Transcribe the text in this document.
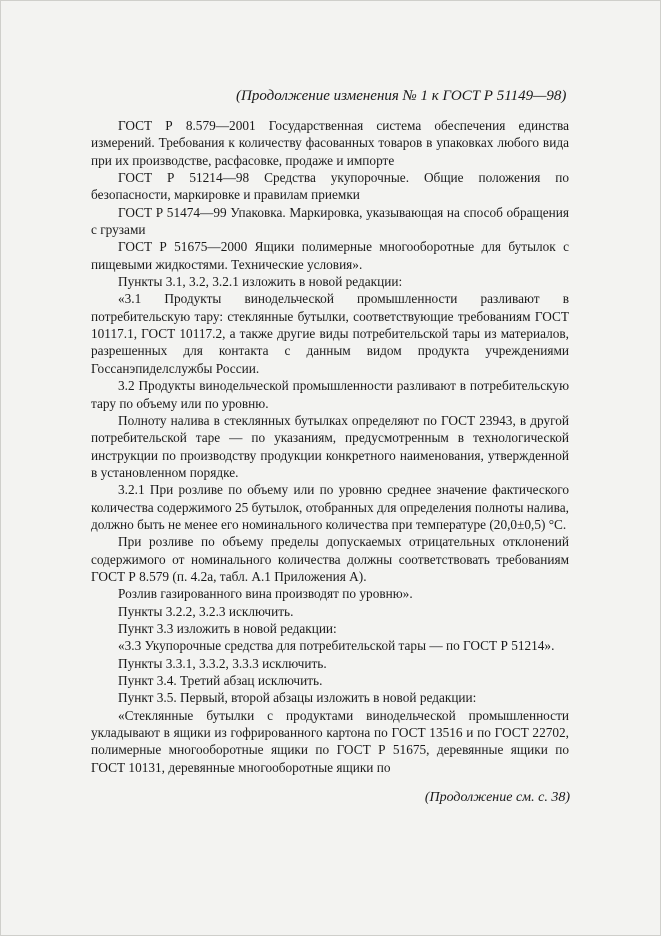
(Продолжение изменения № 1 к ГОСТ Р 51149—98)

ГОСТ Р 8.579—2001 Государственная система обеспечения единства измерений. Требования к количеству фасованных товаров в упаковках любого вида при их производстве, расфасовке, продаже и импорте

ГОСТ Р 51214—98 Средства укупорочные. Общие положения по безопасности, маркировке и правилам приемки

ГОСТ Р 51474—99 Упаковка. Маркировка, указывающая на способ обращения с грузами

ГОСТ Р 51675—2000 Ящики полимерные многооборотные для бутылок с пищевыми жидкостями. Технические условия».

Пункты 3.1, 3.2, 3.2.1 изложить в новой редакции:

«3.1 Продукты винодельческой промышленности разливают в потребительскую тару: стеклянные бутылки, соответствующие требованиям ГОСТ 10117.1, ГОСТ 10117.2, а также другие виды потребительской тары из материалов, разрешенных для контакта с данным видом продукта учреждениями Госсанэпиделслужбы России.

3.2 Продукты винодельческой промышленности разливают в потребительскую тару по объему или по уровню.

Полноту налива в стеклянных бутылках определяют по ГОСТ 23943, в другой потребительской таре — по указаниям, предусмотренным в технологической инструкции по производству продукции конкретного наименования, утвержденной в установленном порядке.

3.2.1 При розливе по объему или по уровню среднее значение фактического количества содержимого 25 бутылок, отобранных для определения полноты налива, должно быть не менее его номинального количества при температуре (20,0±0,5) °С.

При розливе по объему пределы допускаемых отрицательных отклонений содержимого от номинального количества должны соответствовать требованиям ГОСТ Р 8.579 (п. 4.2а, табл. А.1 Приложения А).

Розлив газированного вина производят по уровню».

Пункты 3.2.2, 3.2.3 исключить.

Пункт 3.3 изложить в новой редакции:

«3.3 Укупорочные средства для потребительской тары — по ГОСТ Р 51214».

Пункты 3.3.1, 3.3.2, 3.3.3 исключить.

Пункт 3.4. Третий абзац исключить.

Пункт 3.5. Первый, второй абзацы изложить в новой редакции:

«Стеклянные бутылки с продуктами винодельческой промышленности укладывают в ящики из гофрированного картона по ГОСТ 13516 и по ГОСТ 22702, полимерные многооборотные ящики по ГОСТ Р 51675, деревянные ящики по ГОСТ 10131, деревянные многооборотные ящики по

(Продолжение см. с. 38)
